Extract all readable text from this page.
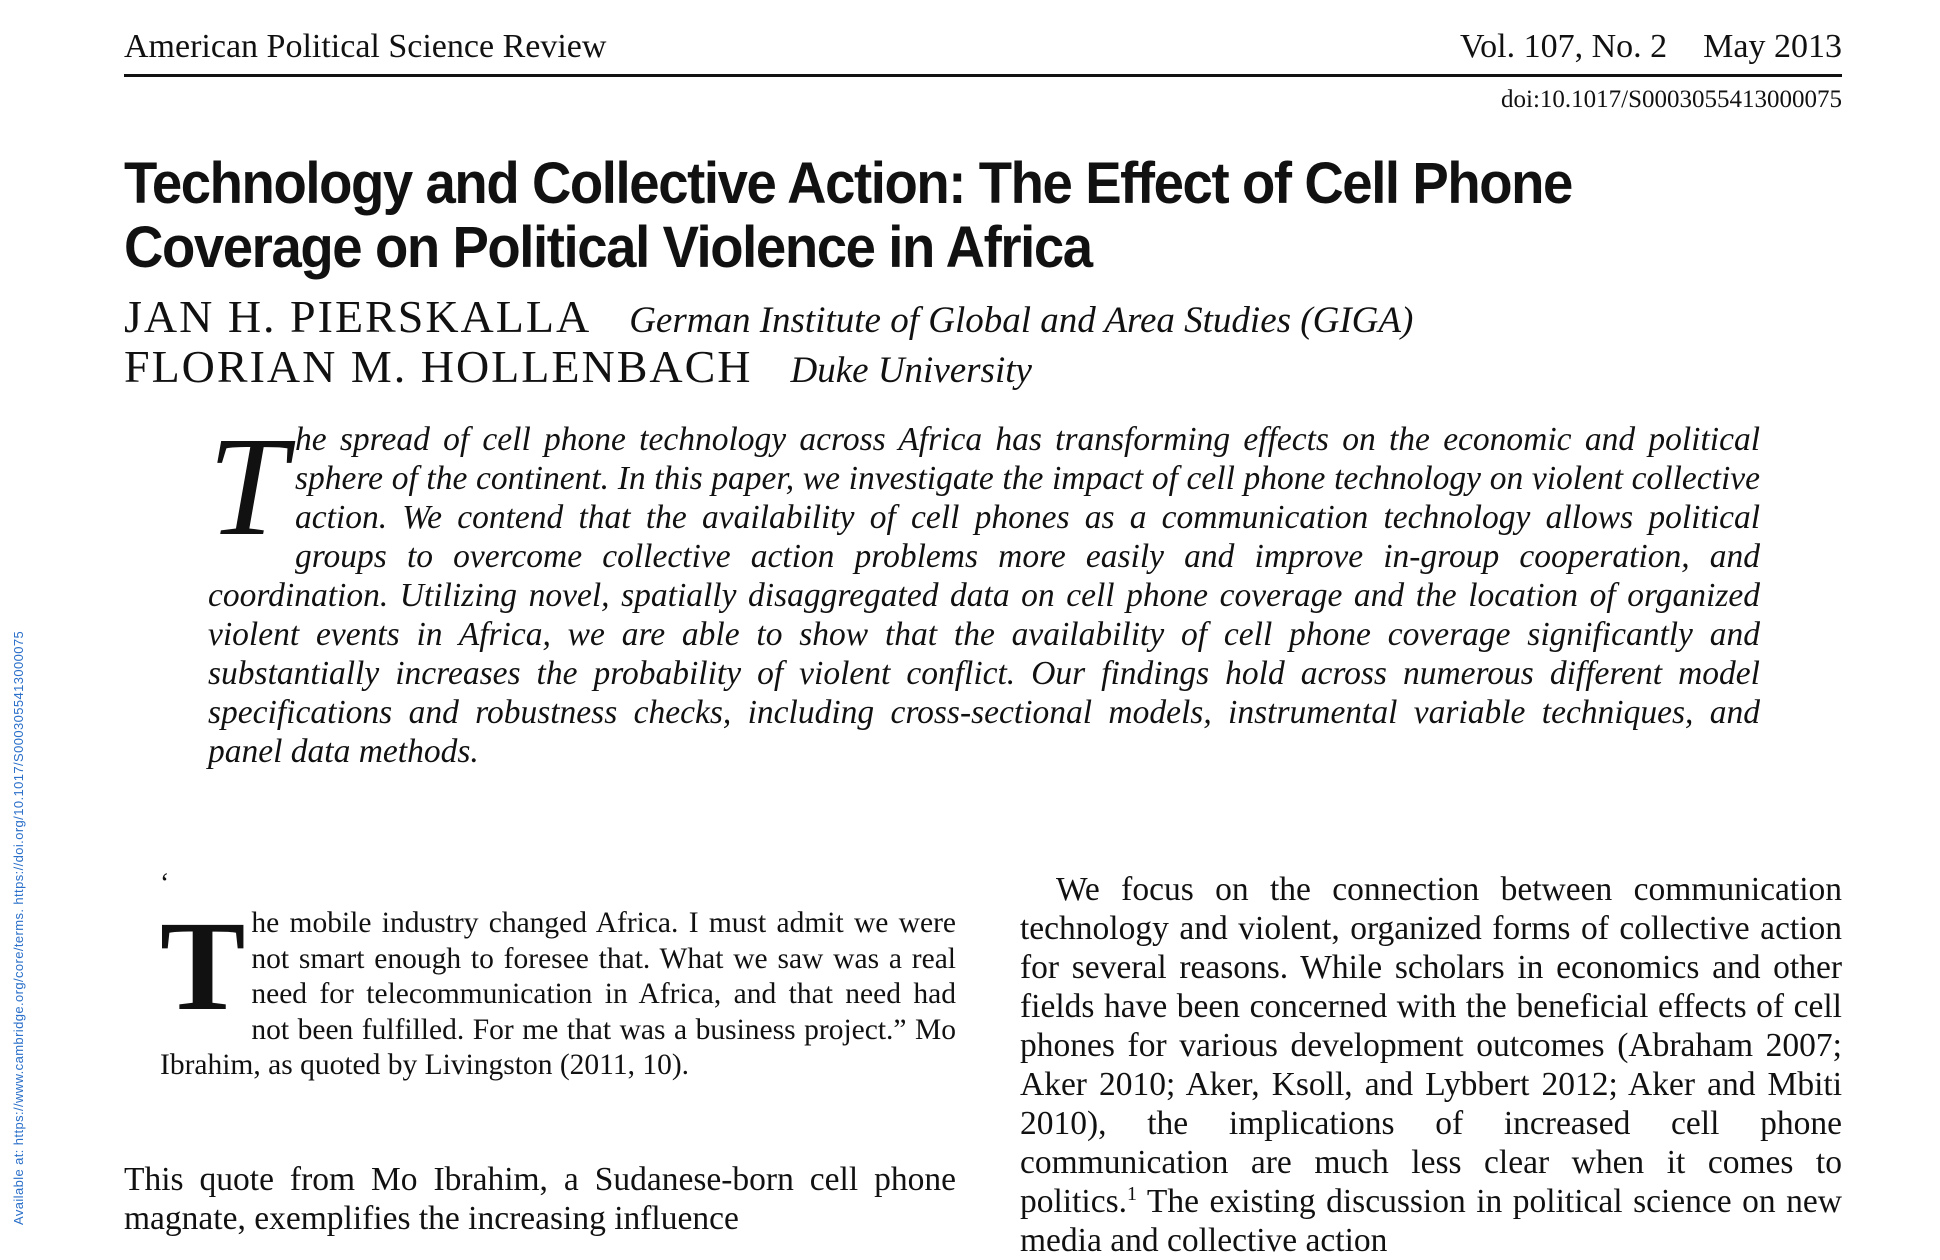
Available at: https://www.cambridge.org/core/terms. https://doi.org/10.1017/S0003055413000075
American Political Science Review	Vol. 107, No. 2 May 2013
doi:10.1017/S0003055413000075
Technology and Collective Action: The Effect of Cell Phone Coverage on Political Violence in Africa
JAN H. PIERSKALLA German Institute of Global and Area Studies (GIGA)
FLORIAN M. HOLLENBACH Duke University

The spread of cell phone technology across Africa has transforming effects on the economic and political sphere of the continent. In this paper, we investigate the impact of cell phone technology on violent collective action. We contend that the availability of cell phones as a communication technology allows political groups to overcome collective action problems more easily and improve in-group cooperation, and coordination. Utilizing novel, spatially disaggregated data on cell phone coverage and the location of organized violent events in Africa, we are able to show that the availability of cell phone coverage significantly and substantially increases the probability of violent conflict. Our findings hold across numerous different model specifications and robustness checks, including cross-sectional models, instrumental variable techniques, and panel data methods.

‘

The mobile industry changed Africa. I must admit we were not smart enough to foresee that. What we saw was a real need for telecommunication in Africa, and that need had not been fulfilled. For me that was a business project.” Mo Ibrahim, as quoted by Livingston (2011, 10).

This quote from Mo Ibrahim, a Sudanese-born cell phone magnate, exemplifies the increasing influence

We focus on the connection between communication technology and violent, organized forms of collective action for several reasons. While scholars in economics and other fields have been concerned with the beneficial effects of cell phones for various development outcomes (Abraham 2007; Aker 2010; Aker, Ksoll, and Lybbert 2012; Aker and Mbiti 2010), the implications of increased cell phone communication are much less clear when it comes to politics.$^1$ The existing discussion in political science on new media and collective action
